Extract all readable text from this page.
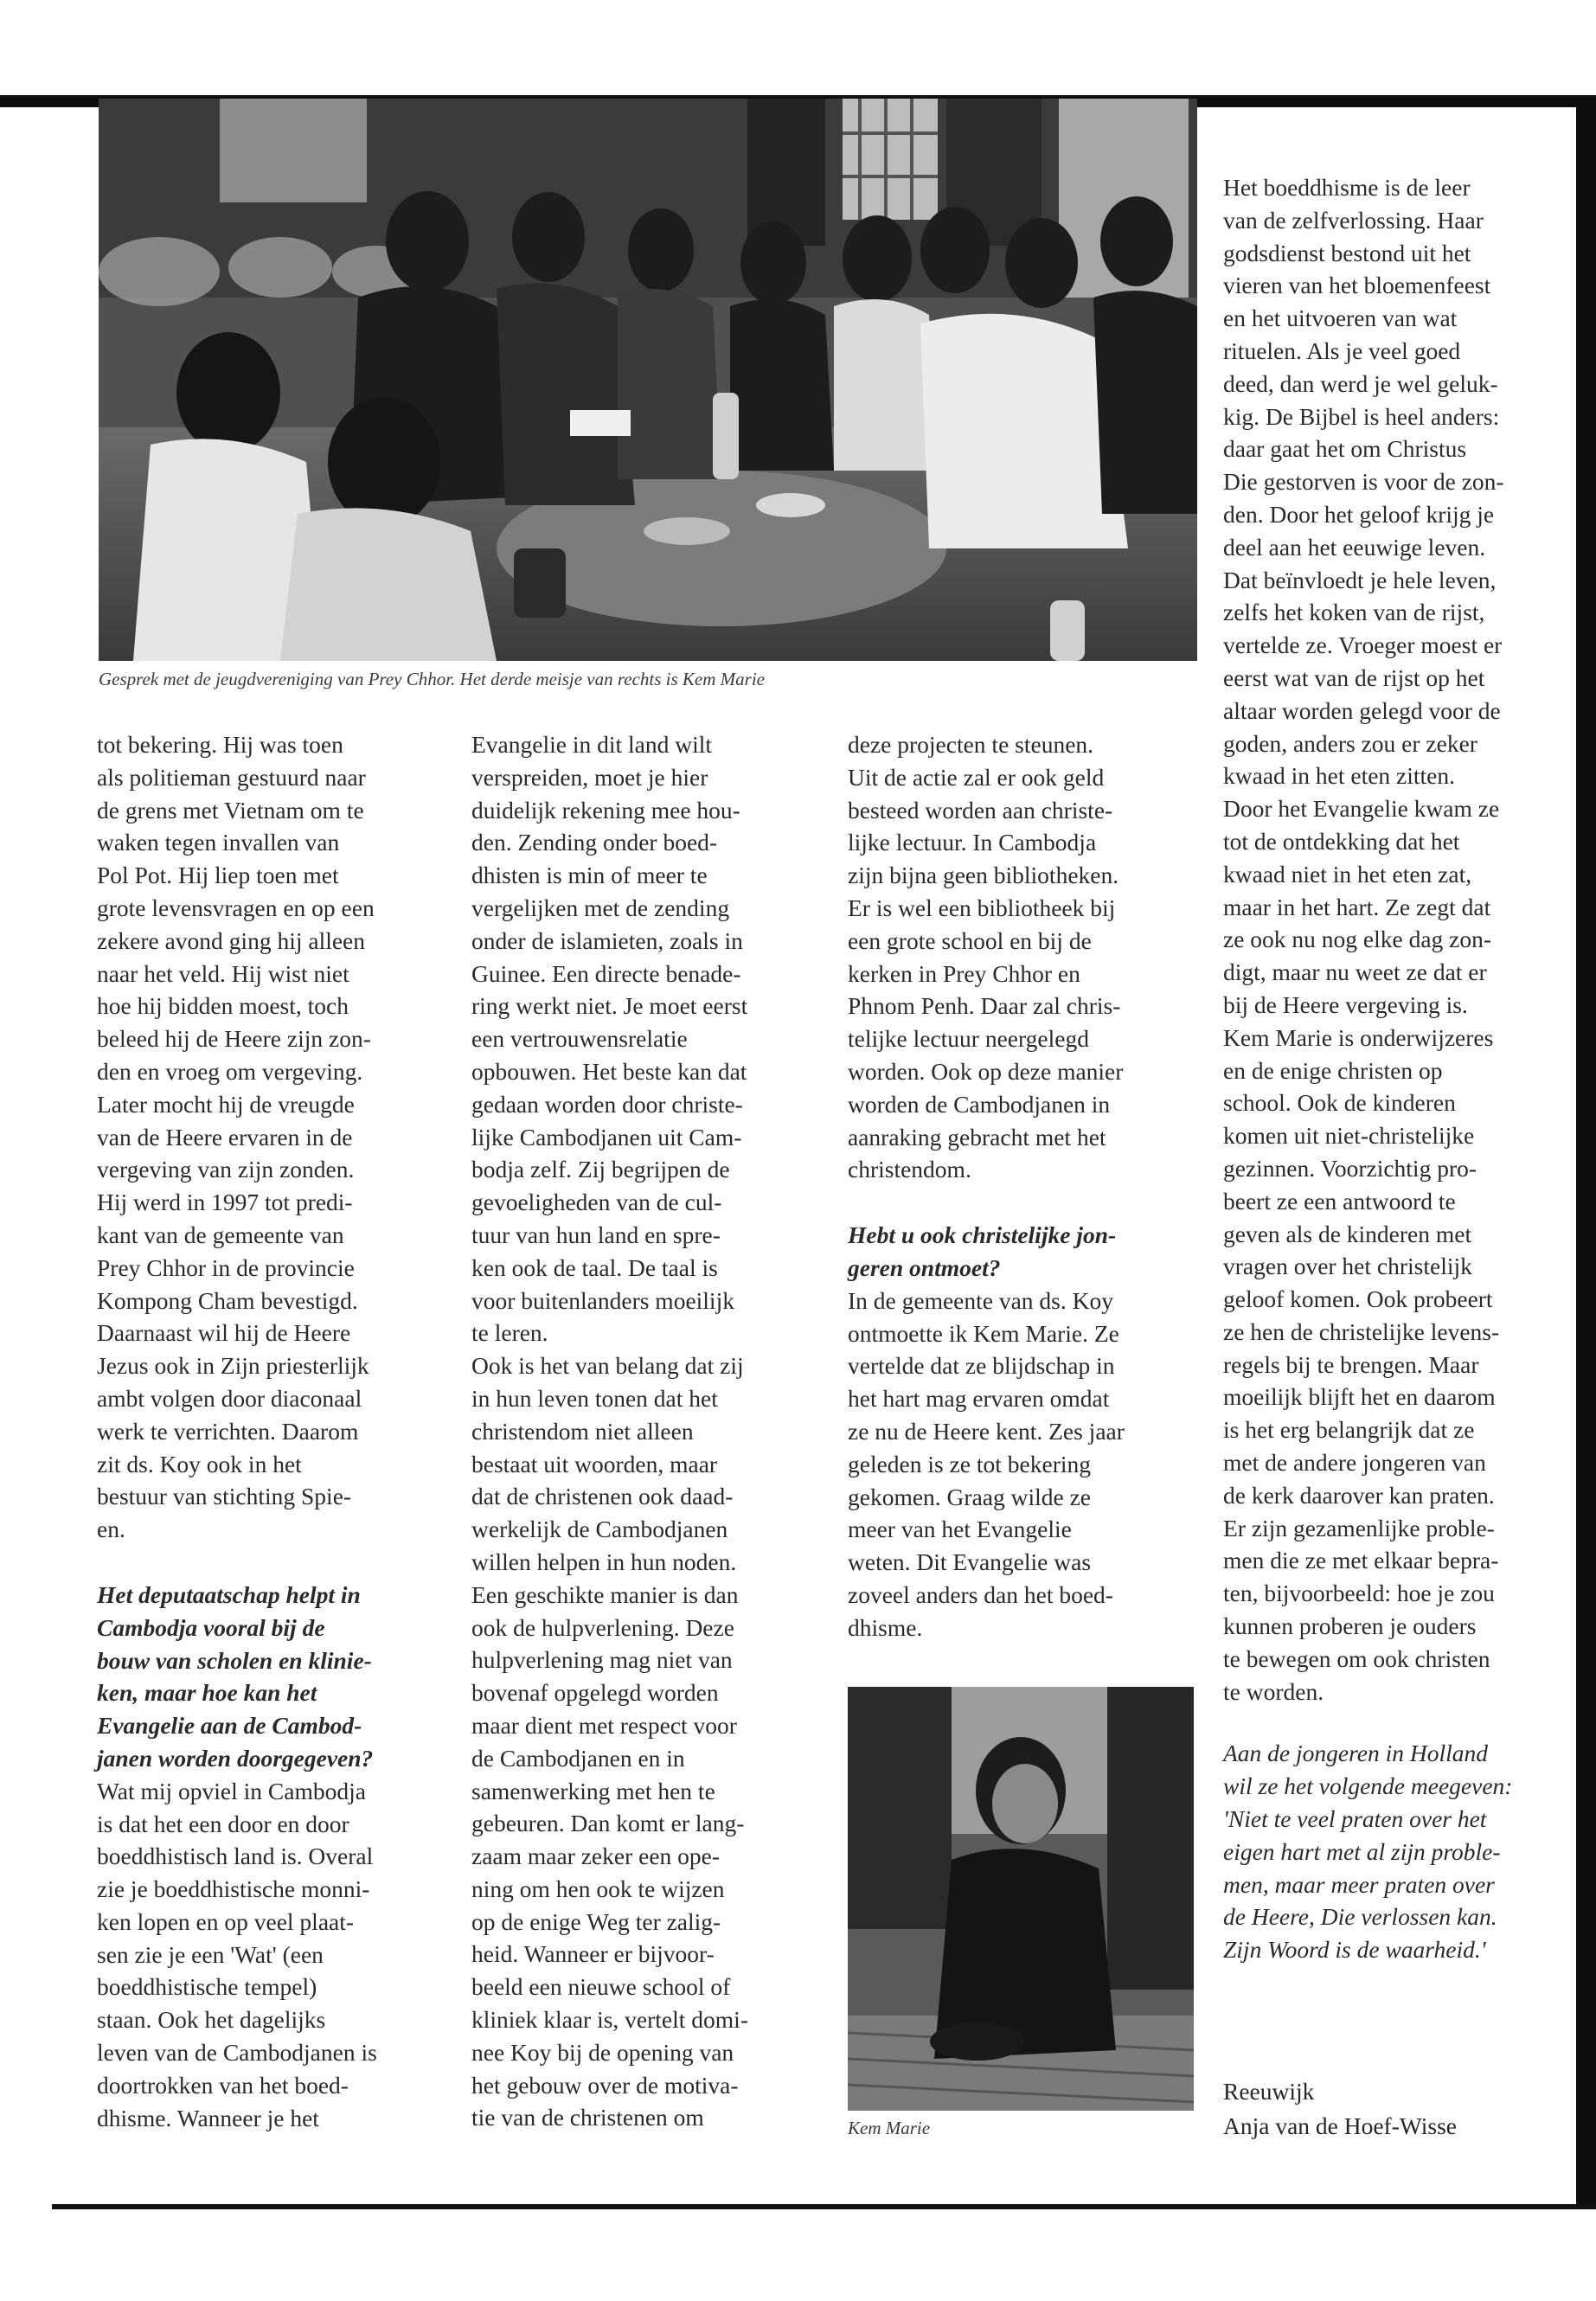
Gesprek met de jeugdvereniging van Prey Chhor. Het derde meisje van rechts is Kem Marie
tot bekering. Hij was toen
als politieman gestuurd naar
de grens met Vietnam om te
waken tegen invallen van
Pol Pot. Hij liep toen met
grote levensvragen en op een
zekere avond ging hij alleen
naar het veld. Hij wist niet
hoe hij bidden moest, toch
beleed hij de Heere zijn zon-
den en vroeg om vergeving.
Later mocht hij de vreugde
van de Heere ervaren in de
vergeving van zijn zonden.
Hij werd in 1997 tot predi-
kant van de gemeente van
Prey Chhor in de provincie
Kompong Cham bevestigd.
Daarnaast wil hij de Heere
Jezus ook in Zijn priesterlijk
ambt volgen door diaconaal
werk te verrichten. Daarom
zit ds. Koy ook in het
bestuur van stichting Spie-
en.
Het deputaatschap helpt in
Cambodja vooral bij de
bouw van scholen en klinie-
ken, maar hoe kan het
Evangelie aan de Cambod-
janen worden doorgegeven?
Wat mij opviel in Cambodja
is dat het een door en door
boeddhistisch land is. Overal
zie je boeddhistische monni-
ken lopen en op veel plaat-
sen zie je een 'Wat' (een
boeddhistische tempel)
staan. Ook het dagelijks
leven van de Cambodjanen is
doortrokken van het boed-
dhisme. Wanneer je het
Evangelie in dit land wilt
verspreiden, moet je hier
duidelijk rekening mee hou-
den. Zending onder boed-
dhisten is min of meer te
vergelijken met de zending
onder de islamieten, zoals in
Guinee. Een directe benade-
ring werkt niet. Je moet eerst
een vertrouwensrelatie
opbouwen. Het beste kan dat
gedaan worden door christe-
lijke Cambodjanen uit Cam-
bodja zelf. Zij begrijpen de
gevoeligheden van de cul-
tuur van hun land en spre-
ken ook de taal. De taal is
voor buitenlanders moeilijk
te leren.
Ook is het van belang dat zij
in hun leven tonen dat het
christendom niet alleen
bestaat uit woorden, maar
dat de christenen ook daad-
werkelijk de Cambodjanen
willen helpen in hun noden.
Een geschikte manier is dan
ook de hulpverlening. Deze
hulpverlening mag niet van
bovenaf opgelegd worden
maar dient met respect voor
de Cambodjanen en in
samenwerking met hen te
gebeuren. Dan komt er lang-
zaam maar zeker een ope-
ning om hen ook te wijzen
op de enige Weg ter zalig-
heid. Wanneer er bijvoor-
beeld een nieuwe school of
kliniek klaar is, vertelt domi-
nee Koy bij de opening van
het gebouw over de motiva-
tie van de christenen om
deze projecten te steunen.
Uit de actie zal er ook geld
besteed worden aan christe-
lijke lectuur. In Cambodja
zijn bijna geen bibliotheken.
Er is wel een bibliotheek bij
een grote school en bij de
kerken in Prey Chhor en
Phnom Penh. Daar zal chris-
telijke lectuur neergelegd
worden. Ook op deze manier
worden de Cambodjanen in
aanraking gebracht met het
christendom.
Hebt u ook christelijke jon-
geren ontmoet?
In de gemeente van ds. Koy
ontmoette ik Kem Marie. Ze
vertelde dat ze blijdschap in
het hart mag ervaren omdat
ze nu de Heere kent. Zes jaar
geleden is ze tot bekering
gekomen. Graag wilde ze
meer van het Evangelie
weten. Dit Evangelie was
zoveel anders dan het boed-
dhisme.
Kem Marie
Het boeddhisme is de leer
van de zelfverlossing. Haar
godsdienst bestond uit het
vieren van het bloemenfeest
en het uitvoeren van wat
rituelen. Als je veel goed
deed, dan werd je wel geluk-
kig. De Bijbel is heel anders:
daar gaat het om Christus
Die gestorven is voor de zon-
den. Door het geloof krijg je
deel aan het eeuwige leven.
Dat beïnvloedt je hele leven,
zelfs het koken van de rijst,
vertelde ze. Vroeger moest er
eerst wat van de rijst op het
altaar worden gelegd voor de
goden, anders zou er zeker
kwaad in het eten zitten.
Door het Evangelie kwam ze
tot de ontdekking dat het
kwaad niet in het eten zat,
maar in het hart. Ze zegt dat
ze ook nu nog elke dag zon-
digt, maar nu weet ze dat er
bij de Heere vergeving is.
Kem Marie is onderwijzeres
en de enige christen op
school. Ook de kinderen
komen uit niet-christelijke
gezinnen. Voorzichtig pro-
beert ze een antwoord te
geven als de kinderen met
vragen over het christelijk
geloof komen. Ook probeert
ze hen de christelijke levens-
regels bij te brengen. Maar
moeilijk blijft het en daarom
is het erg belangrijk dat ze
met de andere jongeren van
de kerk daarover kan praten.
Er zijn gezamenlijke proble-
men die ze met elkaar bepra-
ten, bijvoorbeeld: hoe je zou
kunnen proberen je ouders
te bewegen om ook christen
te worden.
Aan de jongeren in Holland
wil ze het volgende meegeven:
'Niet te veel praten over het
eigen hart met al zijn proble-
men, maar meer praten over
de Heere, Die verlossen kan.
Zijn Woord is de waarheid.'
Reeuwijk
Anja van de Hoef-Wisse
